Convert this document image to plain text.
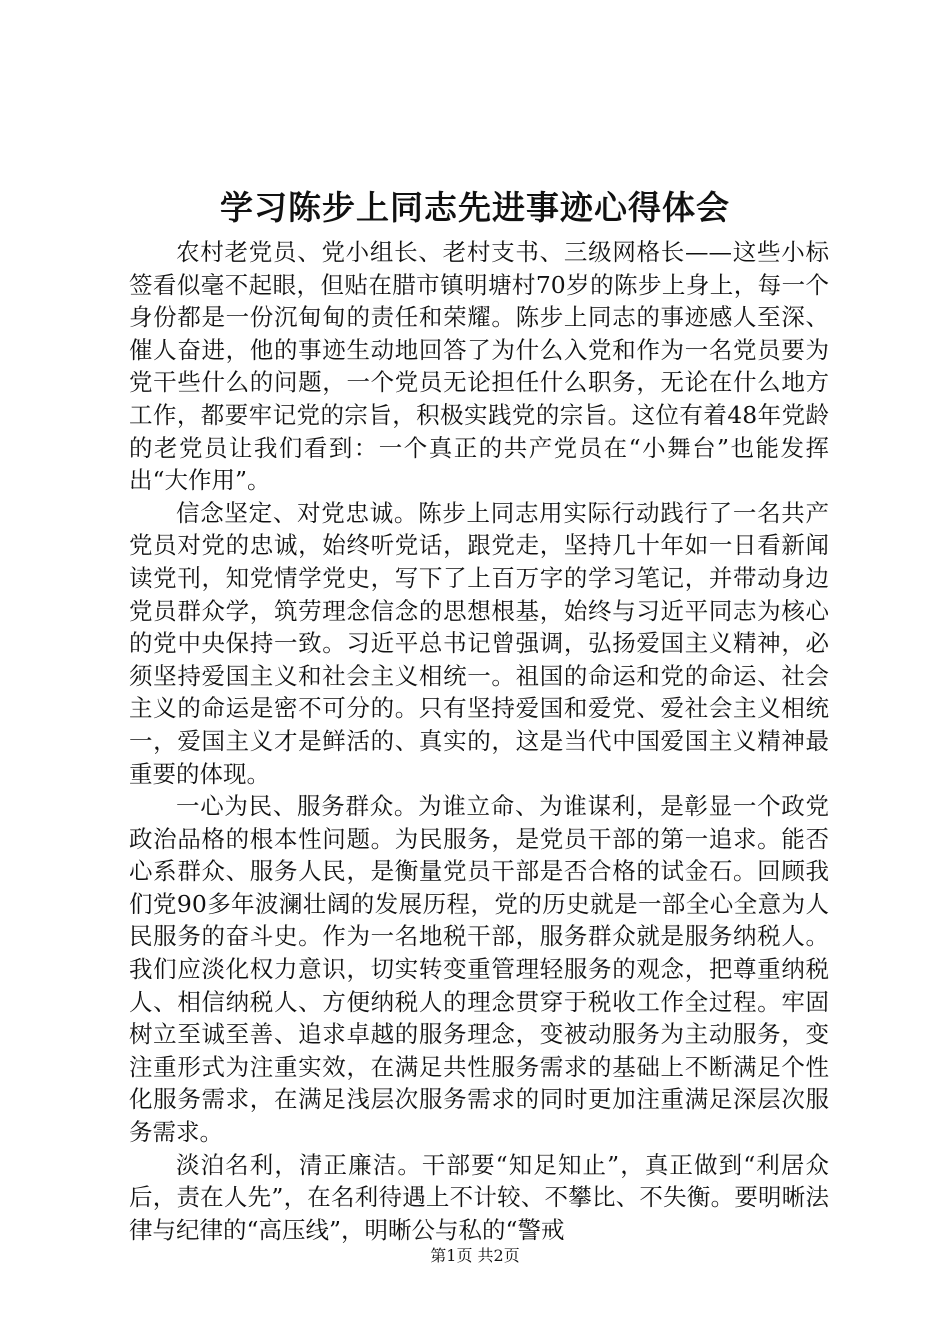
学习陈步上同志先进事迹心得体会

农村老党员、党小组长、老村支书、三级网格长——这些小标签看似毫不起眼，但贴在腊市镇明塘村70岁的陈步上身上，每一个身份都是一份沉甸甸的责任和荣耀。陈步上同志的事迹感人至深、催人奋进，他的事迹生动地回答了为什么入党和作为一名党员要为党干些什么的问题，一个党员无论担任什么职务，无论在什么地方工作，都要牢记党的宗旨，积极实践党的宗旨。这位有着48年党龄的老党员让我们看到：一个真正的共产党员在“小舞台”也能发挥出“大作用”。

信念坚定、对党忠诚。陈步上同志用实际行动践行了一名共产党员对党的忠诚，始终听党话，跟党走，坚持几十年如一日看新闻读党刊，知党情学党史，写下了上百万字的学习笔记，并带动身边党员群众学，筑劳理念信念的思想根基，始终与习近平同志为核心的党中央保持一致。习近平总书记曾强调，弘扬爱国主义精神，必须坚持爱国主义和社会主义相统一。祖国的命运和党的命运、社会主义的命运是密不可分的。只有坚持爱国和爱党、爱社会主义相统一，爱国主义才是鲜活的、真实的，这是当代中国爱国主义精神最重要的体现。

一心为民、服务群众。为谁立命、为谁谋利，是彰显一个政党政治品格的根本性问题。为民服务，是党员干部的第一追求。能否心系群众、服务人民，是衡量党员干部是否合格的试金石。回顾我们党90多年波澜壮阔的发展历程，党的历史就是一部全心全意为人民服务的奋斗史。作为一名地税干部，服务群众就是服务纳税人。我们应淡化权力意识，切实转变重管理轻服务的观念，把尊重纳税人、相信纳税人、方便纳税人的理念贯穿于税收工作全过程。牢固树立至诚至善、追求卓越的服务理念，变被动服务为主动服务，变注重形式为注重实效，在满足共性服务需求的基础上不断满足个性化服务需求，在满足浅层次服务需求的同时更加注重满足深层次服务需求。

淡泊名利，清正廉洁。干部要“知足知止”，真正做到“利居众后，责在人先”，在名利待遇上不计较、不攀比、不失衡。要明晰法律与纪律的“高压线”，明晰公与私的“警戒

第1页 共2页
